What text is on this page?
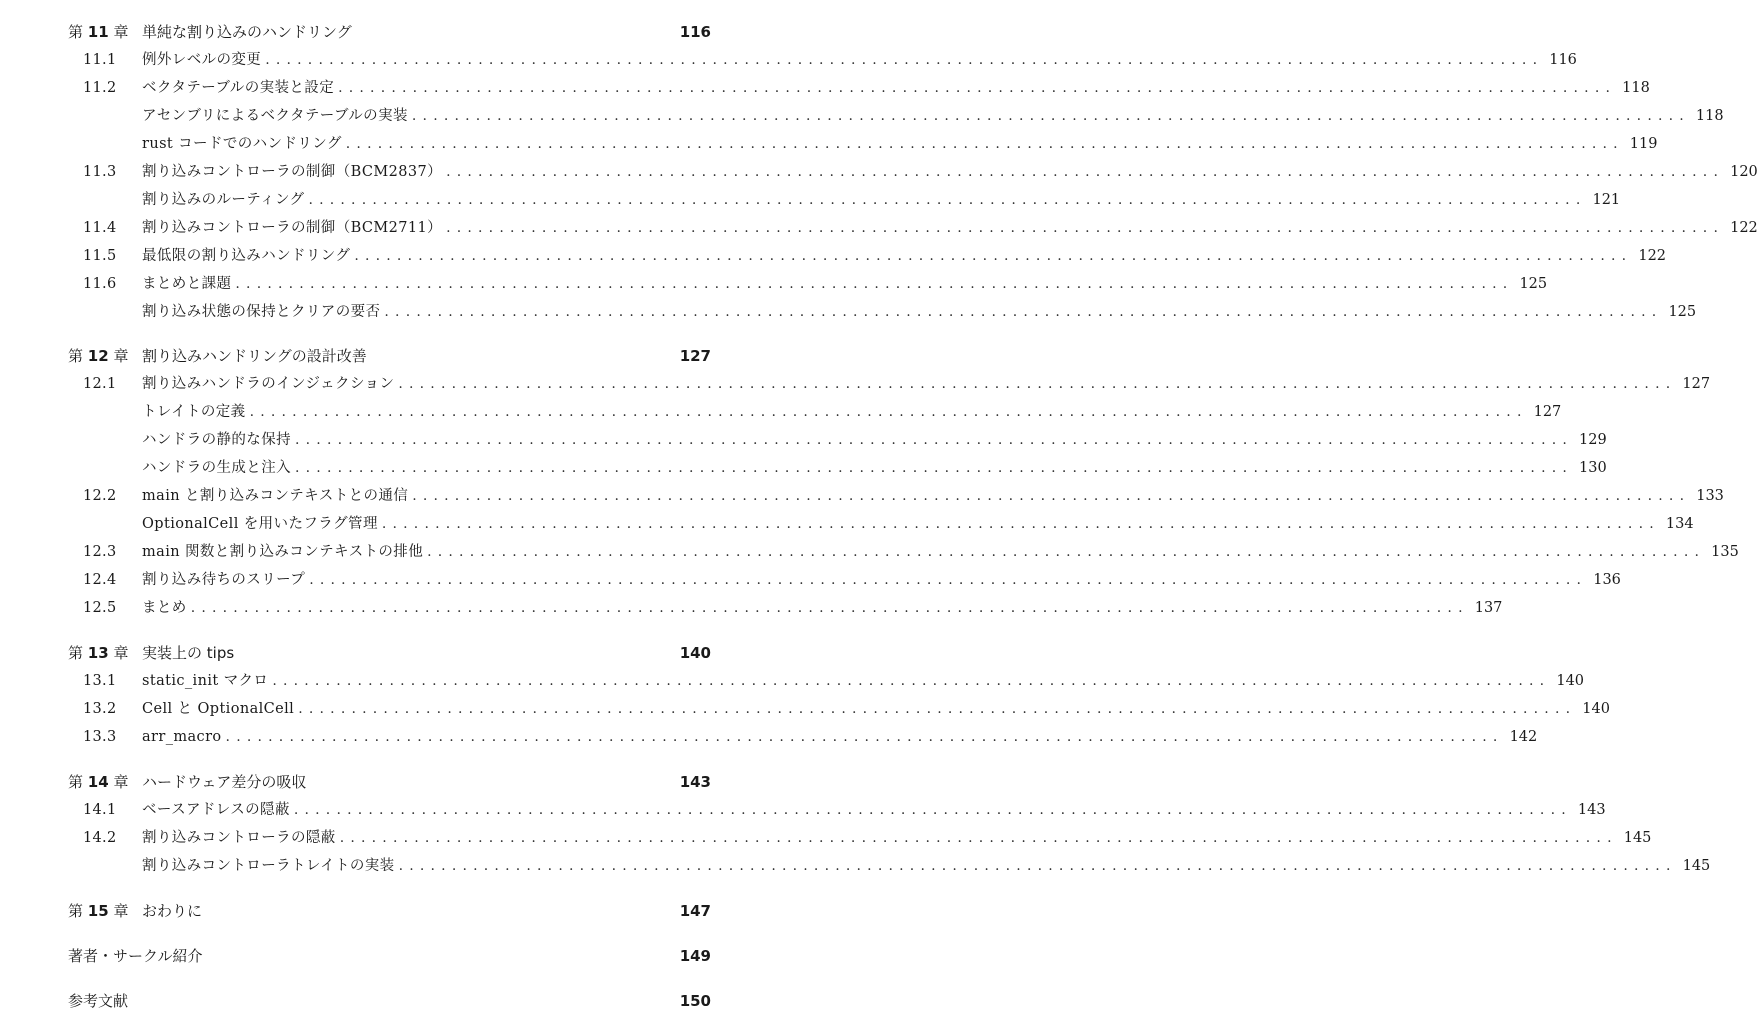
第 11 章 単純な割り込みのハンドリング	116
11.1 例外レベルの変更 ........................................................................................................................ 116
11.2 ベクタテーブルの実装と設定 ........................................................................................................................ 118
アセンブリによるベクタテーブルの実装 ........................................................................................................................ 118
rust コードでのハンドリング ........................................................................................................................ 119
11.3 割り込みコントローラの制御（BCM2837） ........................................................................................................................ 120
割り込みのルーティング ........................................................................................................................ 121
11.4 割り込みコントローラの制御（BCM2711） ........................................................................................................................ 122
11.5 最低限の割り込みハンドリング ........................................................................................................................ 122
11.6 まとめと課題 ........................................................................................................................ 125
割り込み状態の保持とクリアの要否 ........................................................................................................................ 125
第 12 章 割り込みハンドリングの設計改善	127
12.1 割り込みハンドラのインジェクション ........................................................................................................................ 127
トレイトの定義 ........................................................................................................................ 127
ハンドラの静的な保持 ........................................................................................................................ 129
ハンドラの生成と注入 ........................................................................................................................ 130
12.2 main と割り込みコンテキストとの通信 ........................................................................................................................ 133
OptionalCell を用いたフラグ管理 ........................................................................................................................ 134
12.3 main 関数と割り込みコンテキストの排他 ........................................................................................................................ 135
12.4 割り込み待ちのスリープ ........................................................................................................................ 136
12.5 まとめ ........................................................................................................................ 137
第 13 章 実装上の tips	140
13.1 static_init マクロ ........................................................................................................................ 140
13.2 Cell と OptionalCell ........................................................................................................................ 140
13.3 arr_macro ........................................................................................................................ 142
第 14 章 ハードウェア差分の吸収	143
14.1 ベースアドレスの隠蔽 ........................................................................................................................ 143
14.2 割り込みコントローラの隠蔽 ........................................................................................................................ 145
割り込みコントローラトレイトの実装 ........................................................................................................................ 145
第 15 章 おわりに	147
著者・サークル紹介	149
参考文献	150
